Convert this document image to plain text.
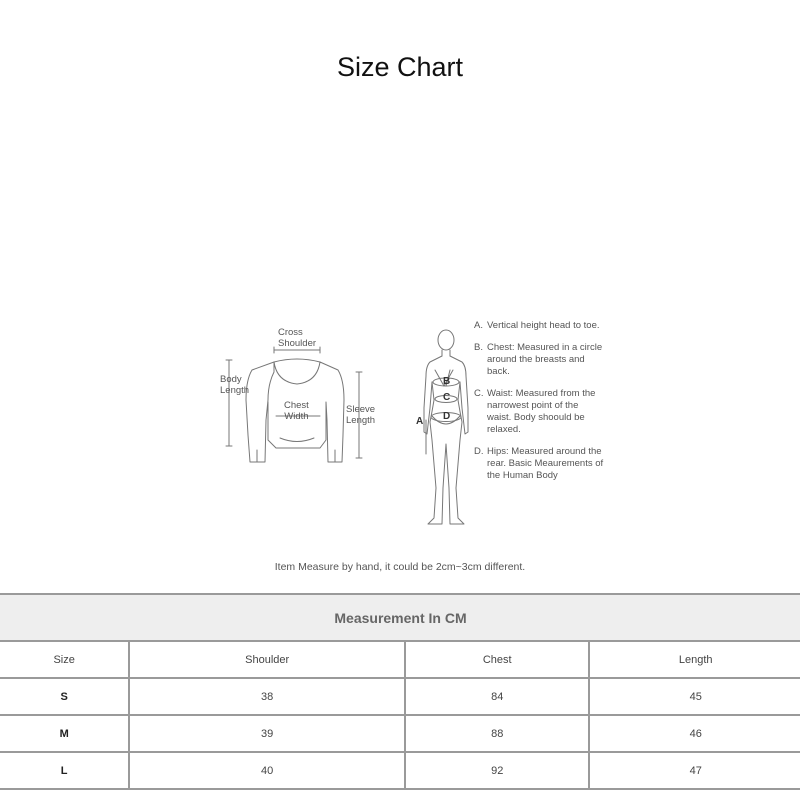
Size Chart
Cross
Shoulder
Body
Length
Chest
Width
Sleeve
Length	A
B
C
D
A. Vertical height head to toe.
B. Chest: Measured in a circle around the breasts and back.
C. Waist: Measured from the narrowest point of the waist. Body shoould be relaxed.
D. Hips: Measured around the rear. Basic Meaurements of the Human Body
Item Measure by hand, it could be 2cm~3cm different.
Measurement In CM			
Size	Shoulder	Chest	Length
S	38	84	45
M	39	88	46
L	40	92	47
